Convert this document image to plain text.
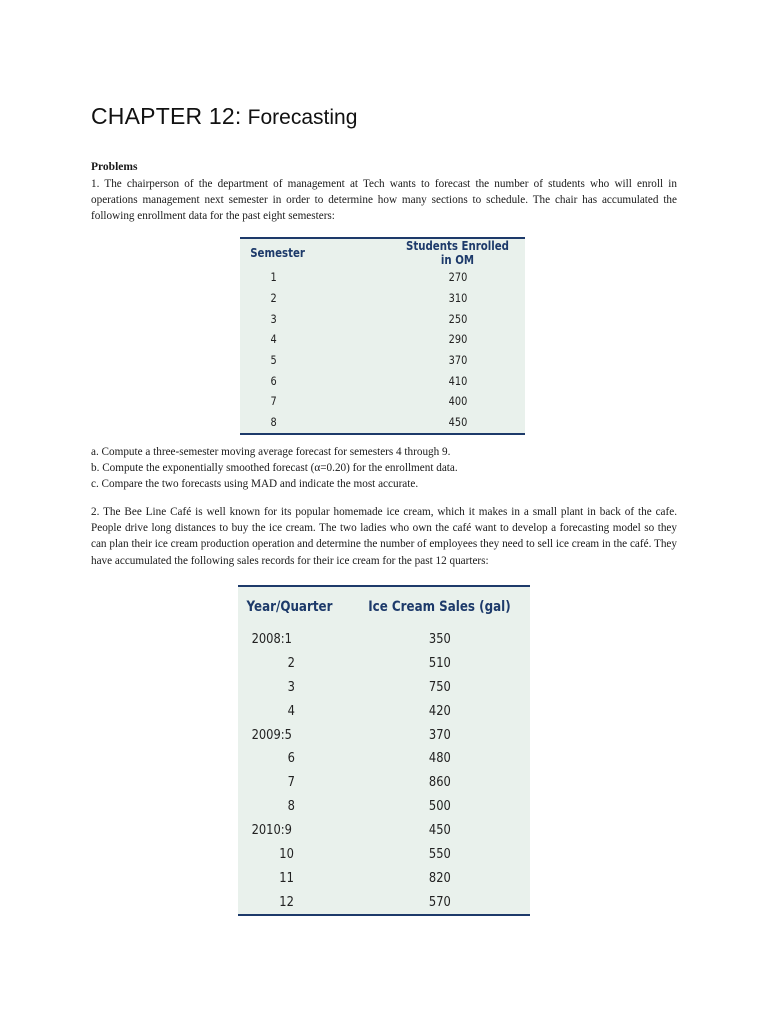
CHAPTER 12: Forecasting

Problems

1. The chairperson of the department of management at Tech wants to forecast the number of students who will enroll in operations management next semester in order to determine how many sections to schedule. The chair has accumulated the following enrollment data for the past eight semesters:

Semester	Students Enrolled in OM
1	270
2	310
3	250
4	290
5	370
6	410
7	400
8	450
a. Compute a three-semester moving average forecast for semesters 4 through 9.
b. Compute the exponentially smoothed forecast (α=0.20) for the enrollment data.
c. Compare the two forecasts using MAD and indicate the most accurate.

2. The Bee Line Café is well known for its popular homemade ice cream, which it makes in a small plant in back of the cafe. People drive long distances to buy the ice cream. The two ladies who own the café want to develop a forecasting model so they can plan their ice cream production operation and determine the number of employees they need to sell ice cream in the café. They have accumulated the following sales records for their ice cream for the past 12 quarters:

Year/Quarter	Ice Cream Sales (gal)
2008:1	350
2	510
3	750
4	420
2009:5	370
6	480
7	860
8	500
2010:9	450
10	550
11	820
12	570
